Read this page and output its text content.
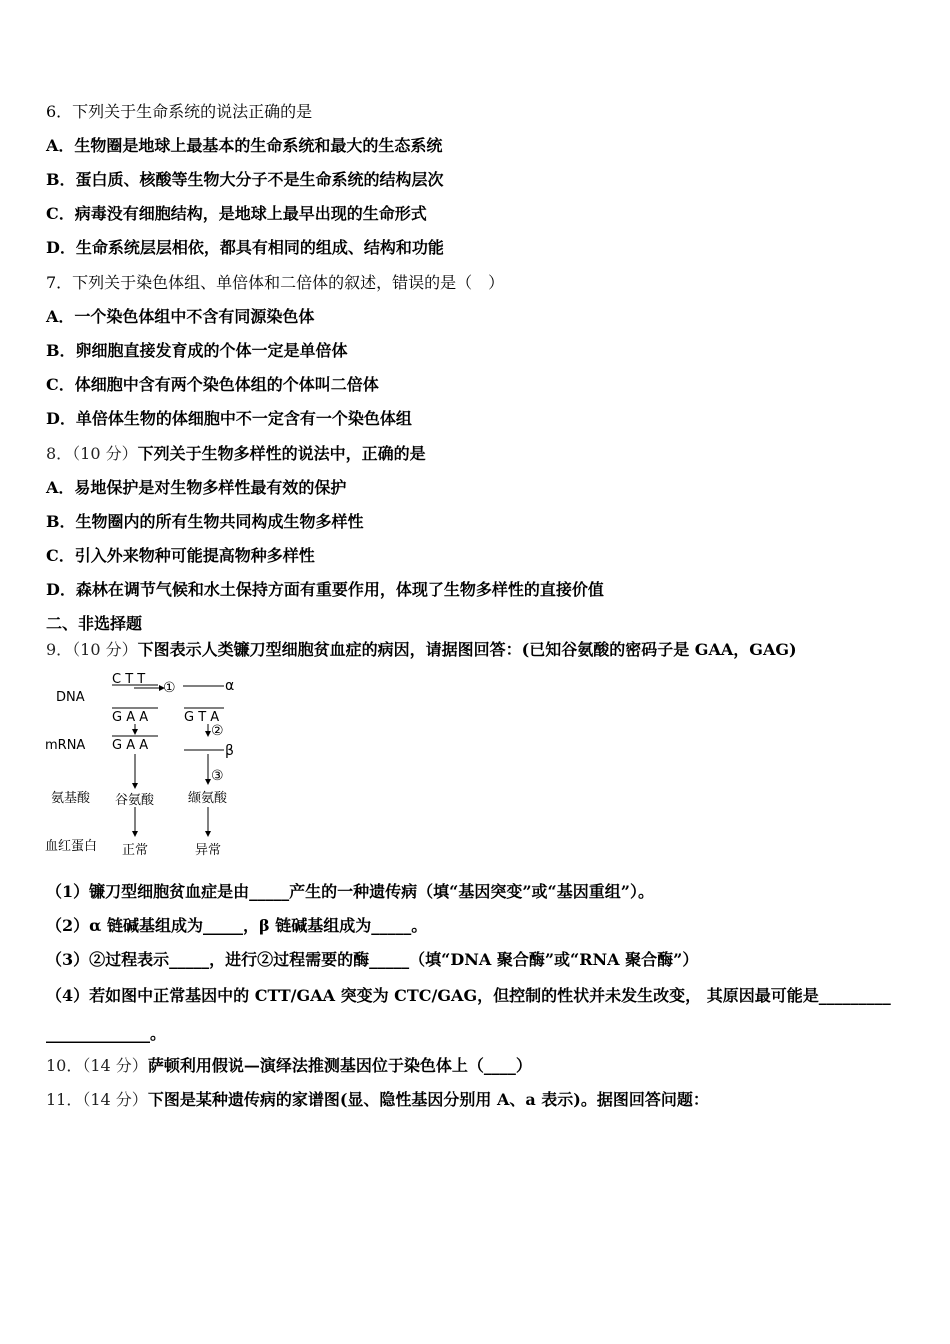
6．下列关于生命系统的说法正确的是
A．生物圈是地球上最基本的生命系统和最大的生态系统
B．蛋白质、核酸等生物大分子不是生命系统的结构层次
C．病毒没有细胞结构，是地球上最早出现的生命形式
D．生命系统层层相依，都具有相同的组成、结构和功能
7．下列关于染色体组、单倍体和二倍体的叙述，错误的是（　）
A．一个染色体组中不含有同源染色体
B．卵细胞直接发育成的个体一定是单倍体
C．体细胞中含有两个染色体组的个体叫二倍体
D．单倍体生物的体细胞中不一定含有一个染色体组
8．（10 分）下列关于生物多样性的说法中，正确的是
A．易地保护是对生物多样性最有效的保护
B．生物圈内的所有生物共同构成生物多样性
C．引入外来物种可能提高物种多样性
D．森林在调节气候和水土保持方面有重要作用，体现了生物多样性的直接价值
二、非选择题
9．（10 分）下图表示人类镰刀型细胞贫血症的病因，请据图回答：(已知谷氨酸的密码子是 GAA，GAG)
DNA
mRNA
氨基酸
血红蛋白
C T T
①	α
G A A	G T A
②
G A A	β
③
谷氨酸	缬氨酸
正常	异常
（1）镰刀型细胞贫血症是由_____产生的一种遗传病（填“基因突变”或“基因重组”）。
（2）α 链碱基组成为_____，β 链碱基组成为_____。
（3）②过程表示_____，进行②过程需要的酶_____（填“DNA 聚合酶”或“RNA 聚合酶”）
（4）若如图中正常基因中的 CTT/GAA 突变为 CTC/GAG，但控制的性状并未发生改变， 其原因最可能是_________
_____________。
10．（14 分）萨顿利用假说—演绎法推测基因位于染色体上（____）
11．（14 分）下图是某种遗传病的家谱图(显、隐性基因分别用 A、a 表示)。据图回答问题：
